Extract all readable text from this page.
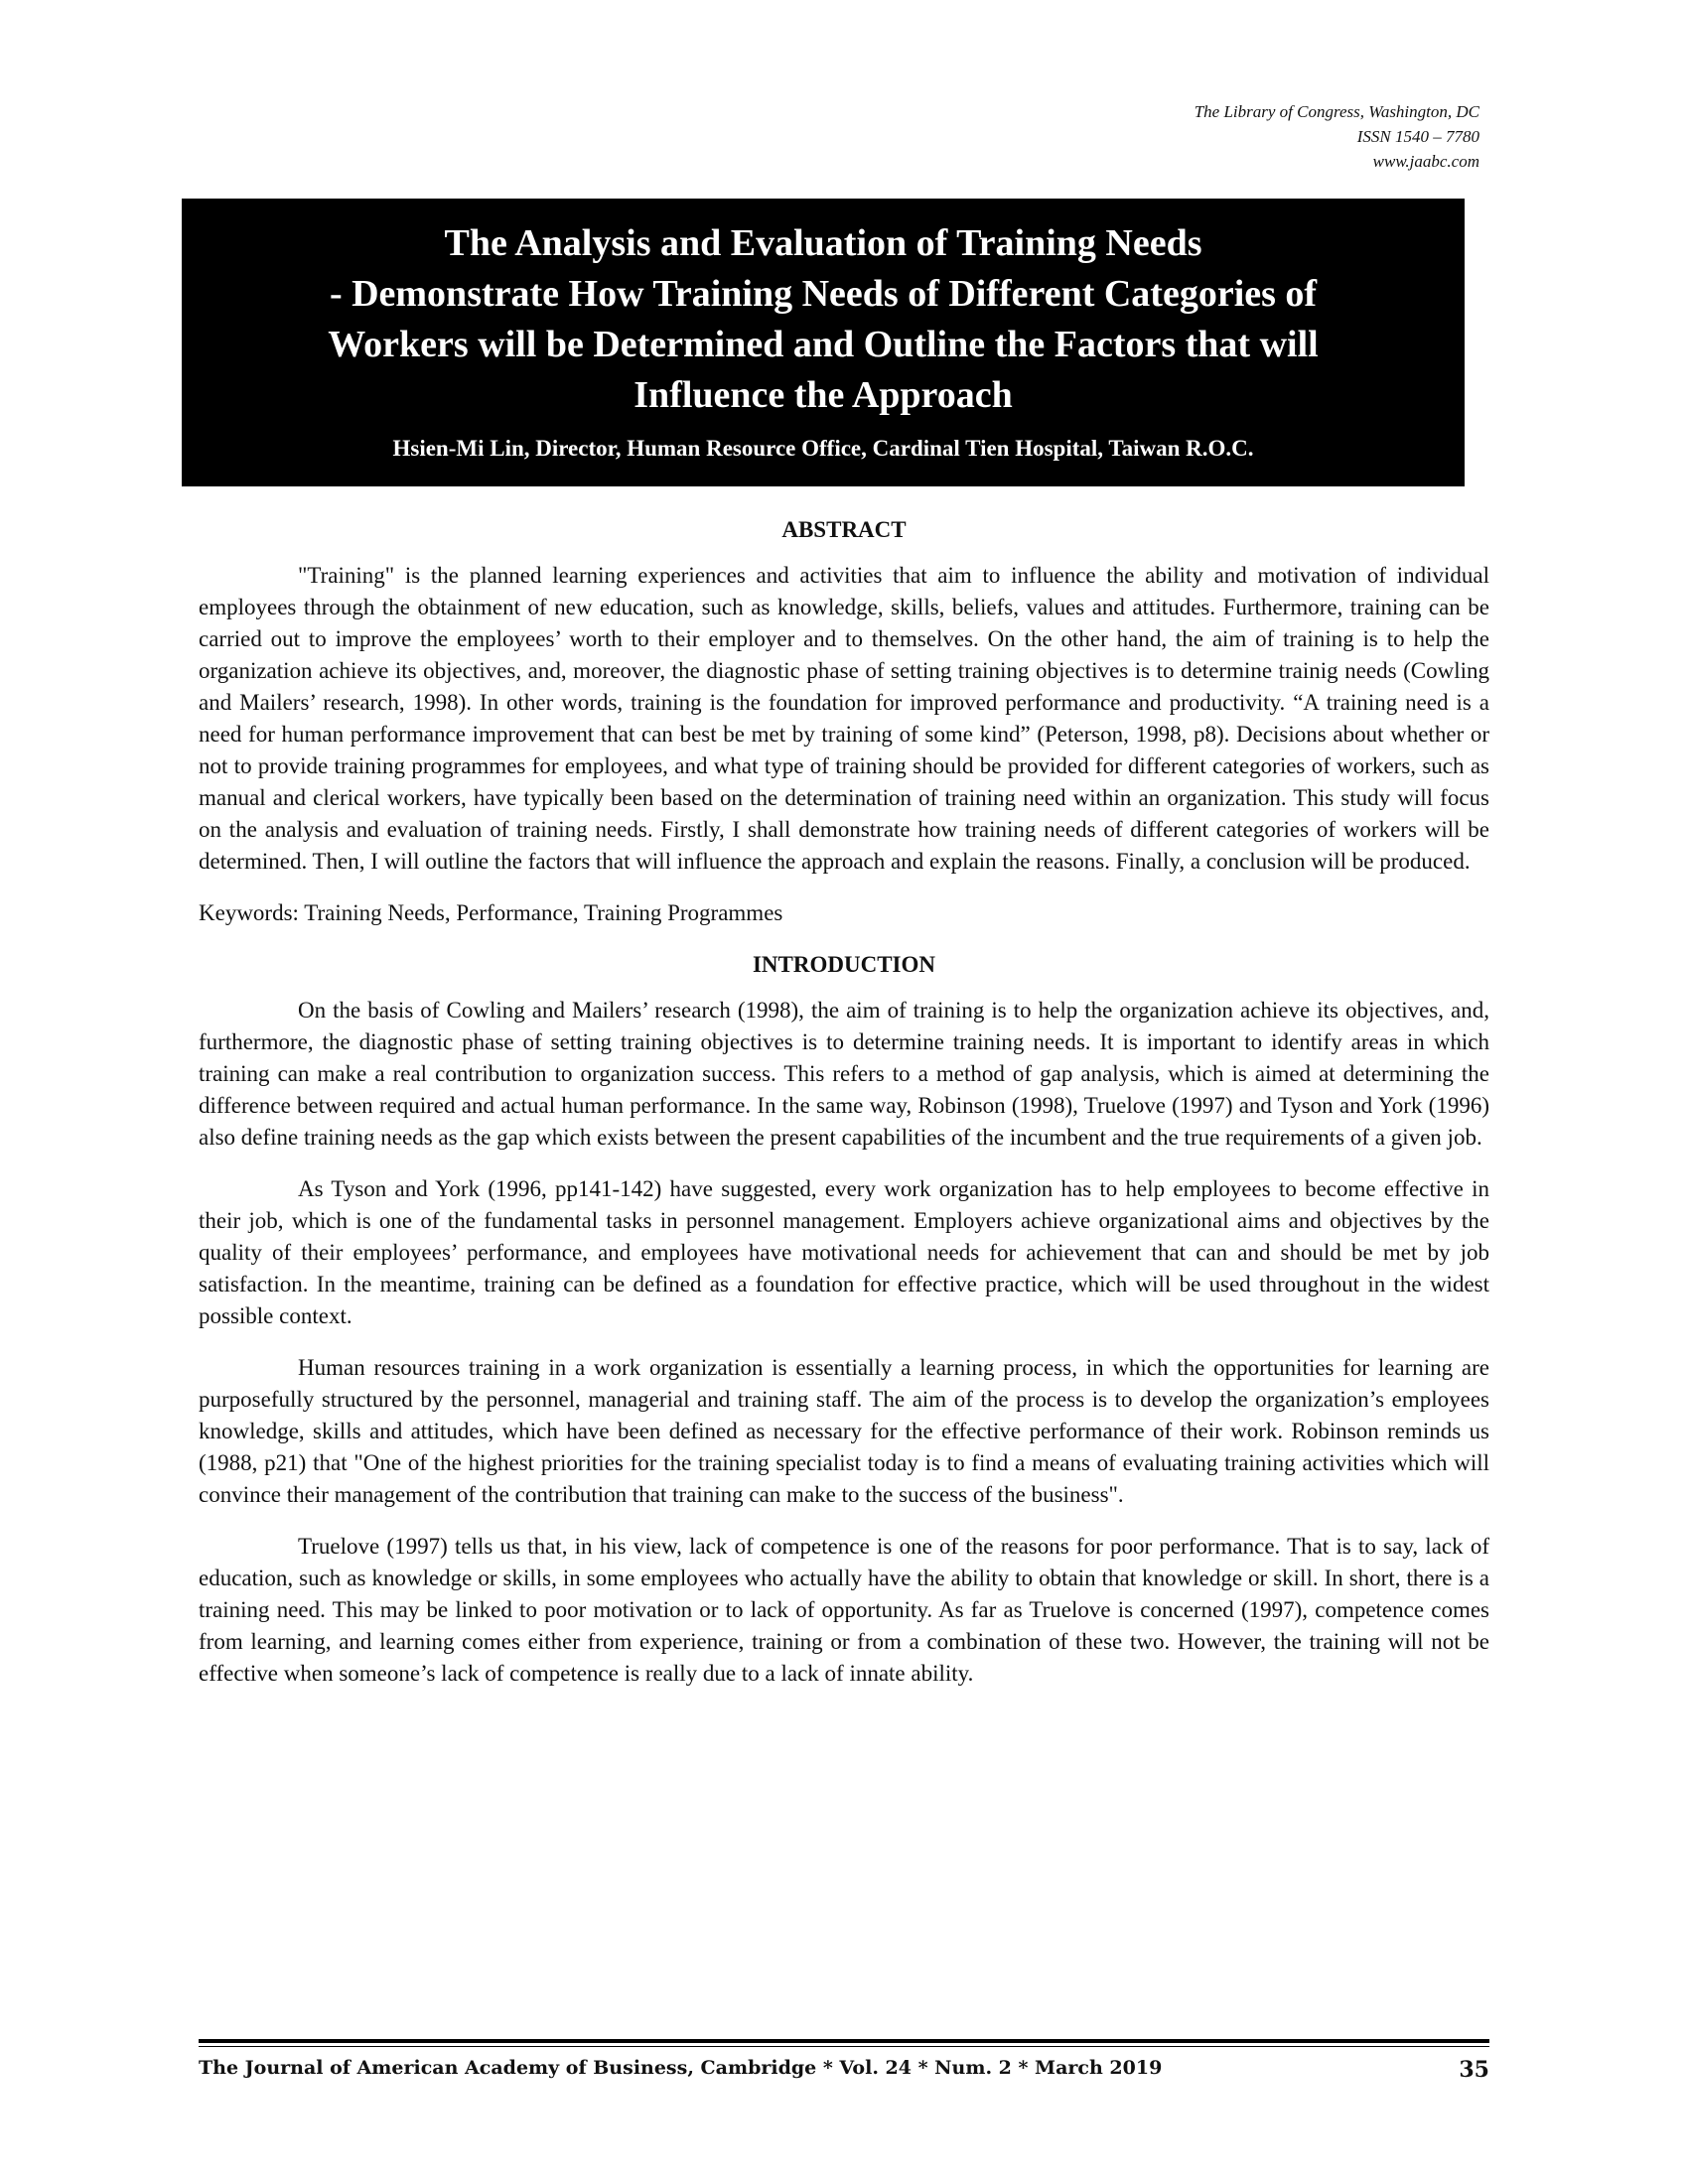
The Library of Congress, Washington, DC
ISSN 1540 – 7780
www.jaabc.com
The Analysis and Evaluation of Training Needs
- Demonstrate How Training Needs of Different Categories of
Workers will be Determined and Outline the Factors that will
Influence the Approach
Hsien-Mi Lin, Director, Human Resource Office, Cardinal Tien Hospital, Taiwan R.O.C.
ABSTRACT

"Training" is the planned learning experiences and activities that aim to influence the ability and motivation of individual employees through the obtainment of new education, such as knowledge, skills, beliefs, values and attitudes. Furthermore, training can be carried out to improve the employees’ worth to their employer and to themselves. On the other hand, the aim of training is to help the organization achieve its objectives, and, moreover, the diagnostic phase of setting training objectives is to determine trainig needs (Cowling and Mailers’ research, 1998). In other words, training is the foundation for improved performance and productivity. “A training need is a need for human performance improvement that can best be met by training of some kind” (Peterson, 1998, p8). Decisions about whether or not to provide training programmes for employees, and what type of training should be provided for different categories of workers, such as manual and clerical workers, have typically been based on the determination of training need within an organization. This study will focus on the analysis and evaluation of training needs. Firstly, I shall demonstrate how training needs of different categories of workers will be determined. Then, I will outline the factors that will influence the approach and explain the reasons. Finally, a conclusion will be produced.

Keywords: Training Needs, Performance, Training Programmes

INTRODUCTION

On the basis of Cowling and Mailers’ research (1998), the aim of training is to help the organization achieve its objectives, and, furthermore, the diagnostic phase of setting training objectives is to determine training needs. It is important to identify areas in which training can make a real contribution to organization success. This refers to a method of gap analysis, which is aimed at determining the difference between required and actual human performance. In the same way, Robinson (1998), Truelove (1997) and Tyson and York (1996) also define training needs as the gap which exists between the present capabilities of the incumbent and the true requirements of a given job.

As Tyson and York (1996, pp141-142) have suggested, every work organization has to help employees to become effective in their job, which is one of the fundamental tasks in personnel management. Employers achieve organizational aims and objectives by the quality of their employees’ performance, and employees have motivational needs for achievement that can and should be met by job satisfaction. In the meantime, training can be defined as a foundation for effective practice, which will be used throughout in the widest possible context.

Human resources training in a work organization is essentially a learning process, in which the opportunities for learning are purposefully structured by the personnel, managerial and training staff. The aim of the process is to develop the organization’s employees knowledge, skills and attitudes, which have been defined as necessary for the effective performance of their work. Robinson reminds us (1988, p21) that "One of the highest priorities for the training specialist today is to find a means of evaluating training activities which will convince their management of the contribution that training can make to the success of the business".

Truelove (1997) tells us that, in his view, lack of competence is one of the reasons for poor performance. That is to say, lack of education, such as knowledge or skills, in some employees who actually have the ability to obtain that knowledge or skill. In short, there is a training need. This may be linked to poor motivation or to lack of opportunity. As far as Truelove is concerned (1997), competence comes from learning, and learning comes either from experience, training or from a combination of these two. However, the training will not be effective when someone’s lack of competence is really due to a lack of innate ability.

The Journal of American Academy of Business, Cambridge * Vol. 24 * Num. 2 * March 2019	35
